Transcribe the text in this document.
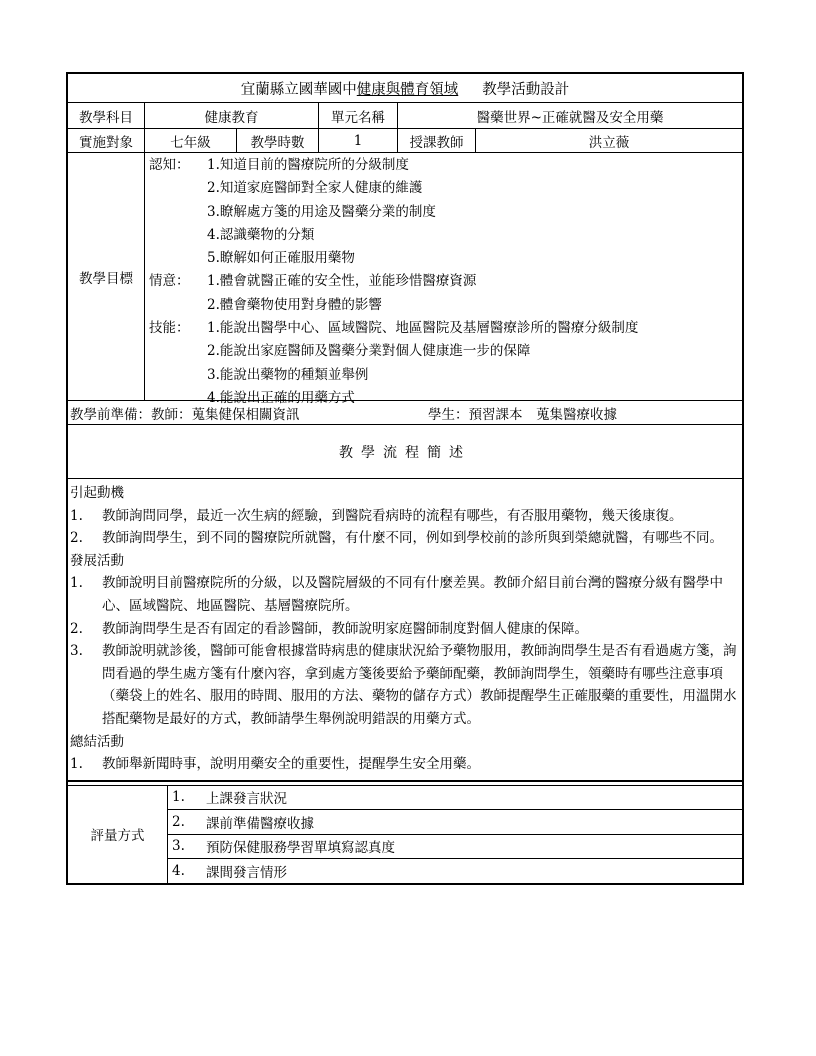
宜蘭縣立國華國中 健康與體育領域 教學活動設計
教學科目	健康教育	單元名稱	醫藥世界~正確就醫及安全用藥
實施對象	七年級	教學時數	1	授課教師	洪立薇
教學目標
認知：	1.知道目前的醫療院所的分級制度
2.知道家庭醫師對全家人健康的維護
3.瞭解處方箋的用途及醫藥分業的制度
4.認識藥物的分類
5.瞭解如何正確服用藥物
情意：	1.體會就醫正確的安全性，並能珍惜醫療資源
2.體會藥物使用對身體的影響
技能：	1.能說出醫學中心、區域醫院、地區醫院及基層醫療診所的醫療分級制度
2.能說出家庭醫師及醫藥分業對個人健康進一步的保障
3.能說出藥物的種類並舉例
4.能說出正確的用藥方式
教學前準備：教師：蒐集健保相關資訊	學生：預習課本　蒐集醫療收據
教學流程簡述
引起動機
1.	教師詢問同學，最近一次生病的經驗，到醫院看病時的流程有哪些，有否服用藥物，幾天後康復。
2.	教師詢問學生，到不同的醫療院所就醫，有什麼不同，例如到學校前的診所與到榮總就醫，有哪些不同。
發展活動
1.	教師說明目前醫療院所的分級，以及醫院層級的不同有什麼差異。教師介紹目前台灣的醫療分級有醫學中心、區域醫院、地區醫院、基層醫療院所。
2.	教師詢問學生是否有固定的看診醫師，教師說明家庭醫師制度對個人健康的保障。
3.	教師說明就診後，醫師可能會根據當時病患的健康狀況給予藥物服用，教師詢問學生是否有看過處方箋，詢問看過的學生處方箋有什麼內容，拿到處方箋後要給予藥師配藥，教師詢問學生，領藥時有哪些注意事項（藥袋上的姓名、服用的時間、服用的方法、藥物的儲存方式）教師提醒學生正確服藥的重要性，用溫開水搭配藥物是最好的方式，教師請學生舉例說明錯誤的用藥方式。
總結活動
1.	教師舉新聞時事，說明用藥安全的重要性，提醒學生安全用藥。
評量方式
1.	上課發言狀況
2.	課前準備醫療收據
3.	預防保健服務學習單填寫認真度
4.	課間發言情形
